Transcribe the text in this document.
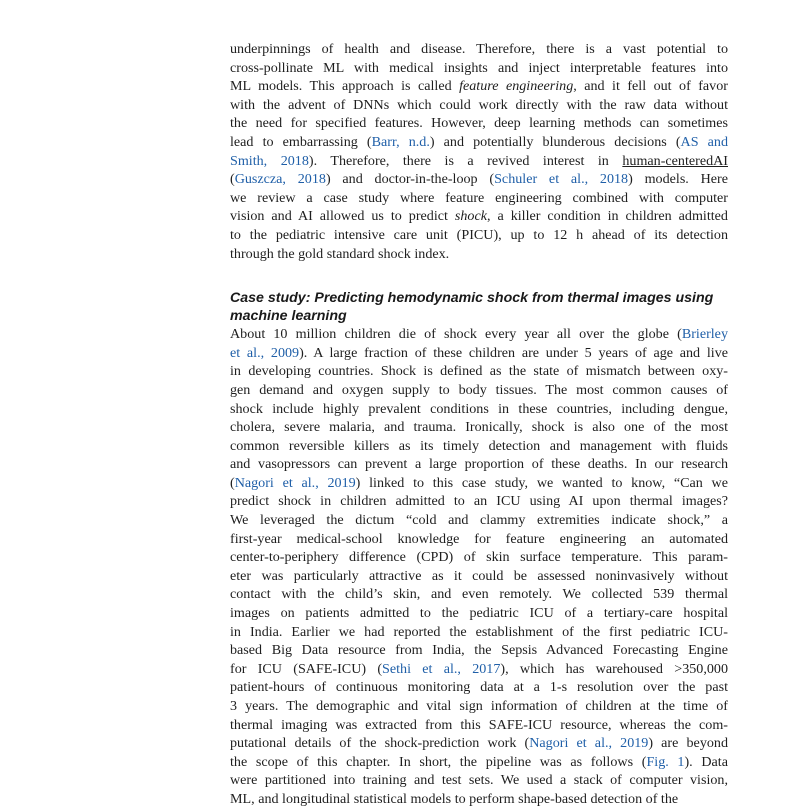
underpinnings of health and disease. Therefore, there is a vast potential to
cross-pollinate ML with medical insights and inject interpretable features into
ML models. This approach is called feature engineering, and it fell out of favor
with the advent of DNNs which could work directly with the raw data without
the need for specified features. However, deep learning methods can sometimes
lead to embarrassing (Barr, n.d.) and potentially blunderous decisions (AS and
Smith, 2018). Therefore, there is a revived interest in human-centeredAI
(Guszcza, 2018) and doctor-in-the-loop (Schuler et al., 2018) models. Here
we review a case study where feature engineering combined with computer
vision and AI allowed us to predict shock, a killer condition in children admitted
to the pediatric intensive care unit (PICU), up to 12 h ahead of its detection
through the gold standard shock index.
Case study: Predicting hemodynamic shock from thermal images using
machine learning
About 10 million children die of shock every year all over the globe (Brierley
et al., 2009). A large fraction of these children are under 5 years of age and live
in developing countries. Shock is defined as the state of mismatch between oxy-
gen demand and oxygen supply to body tissues. The most common causes of
shock include highly prevalent conditions in these countries, including dengue,
cholera, severe malaria, and trauma. Ironically, shock is also one of the most
common reversible killers as its timely detection and management with fluids
and vasopressors can prevent a large proportion of these deaths. In our research
(Nagori et al., 2019) linked to this case study, we wanted to know, “Can we
predict shock in children admitted to an ICU using AI upon thermal images?
We leveraged the dictum “cold and clammy extremities indicate shock,” a
first-year medical-school knowledge for feature engineering an automated
center-to-periphery difference (CPD) of skin surface temperature. This param-
eter was particularly attractive as it could be assessed noninvasively without
contact with the child’s skin, and even remotely. We collected 539 thermal
images on patients admitted to the pediatric ICU of a tertiary-care hospital
in India. Earlier we had reported the establishment of the first pediatric ICU-
based Big Data resource from India, the Sepsis Advanced Forecasting Engine
for ICU (SAFE-ICU) (Sethi et al., 2017), which has warehoused >350,000
patient-hours of continuous monitoring data at a 1-s resolution over the past
3 years. The demographic and vital sign information of children at the time of
thermal imaging was extracted from this SAFE-ICU resource, whereas the com-
putational details of the shock-prediction work (Nagori et al., 2019) are beyond
the scope of this chapter. In short, the pipeline was as follows (Fig. 1). Data
were partitioned into training and test sets. We used a stack of computer vision,
ML, and longitudinal statistical models to perform shape-based detection of the
